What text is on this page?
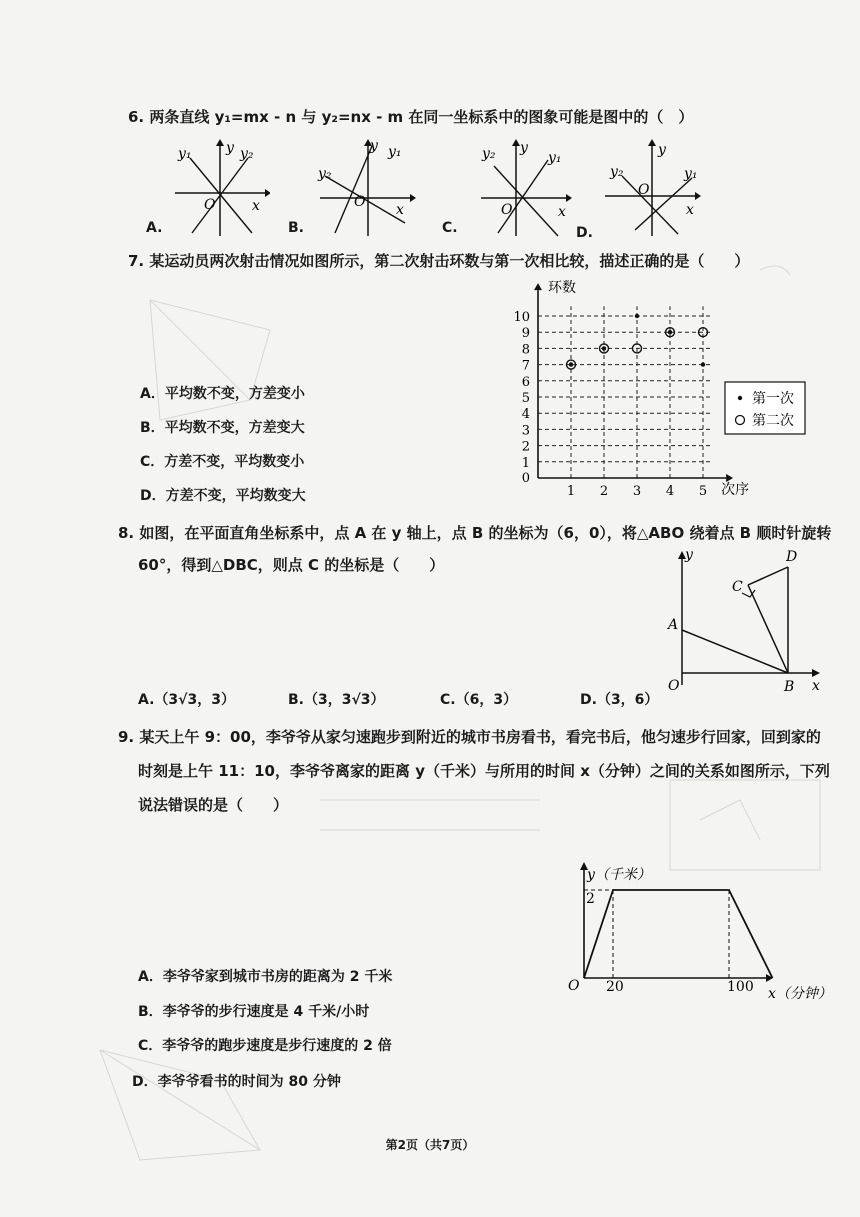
6. 两条直线 y₁=mx - n 与 y₂=nx - m 在同一坐标系中的图象可能是图中的（　）
y₁ y y₂
O	x
A.
y₂
y y₁
O x
B.
y₂ y
y₁
O	x
C.
y₂
y
y₁
O
x
D.
7. 某运动员两次射击情况如图所示，第二次射击环数与第一次相比较，描述正确的是（　　）
A．平均数不变，方差变小
B．平均数不变，方差变大
C．方差不变，平均数变小
D．方差不变，平均数变大
环数
次序
1
2
3
4
5
6
7
8
9
10
0
1 2 3 4 5
第一次
第二次
8. 如图，在平面直角坐标系中，点 A 在 y 轴上，点 B 的坐标为（6，0），将△ABO 绕着点 B 顺时针旋转
60°，得到△DBC，则点 C 的坐标是（　　）
y
x
A
B
C
D
O
A.（3√3，3）	B.（3，3√3）	C.（6，3）	D.（3，6）
9. 某天上午 9：00，李爷爷从家匀速跑步到附近的城市书房看书，看完书后，他匀速步行回家，回到家的
时刻是上午 11：10，李爷爷离家的距离 y（千米）与所用的时间 x（分钟）之间的关系如图所示，下列
说法错误的是（　　）
y（千米）
x（分钟）
O
2
20	100
A．李爷爷家到城市书房的距离为 2 千米
B．李爷爷的步行速度是 4 千米/小时
C．李爷爷的跑步速度是步行速度的 2 倍
D．李爷爷看书的时间为 80 分钟
第2页（共7页）
